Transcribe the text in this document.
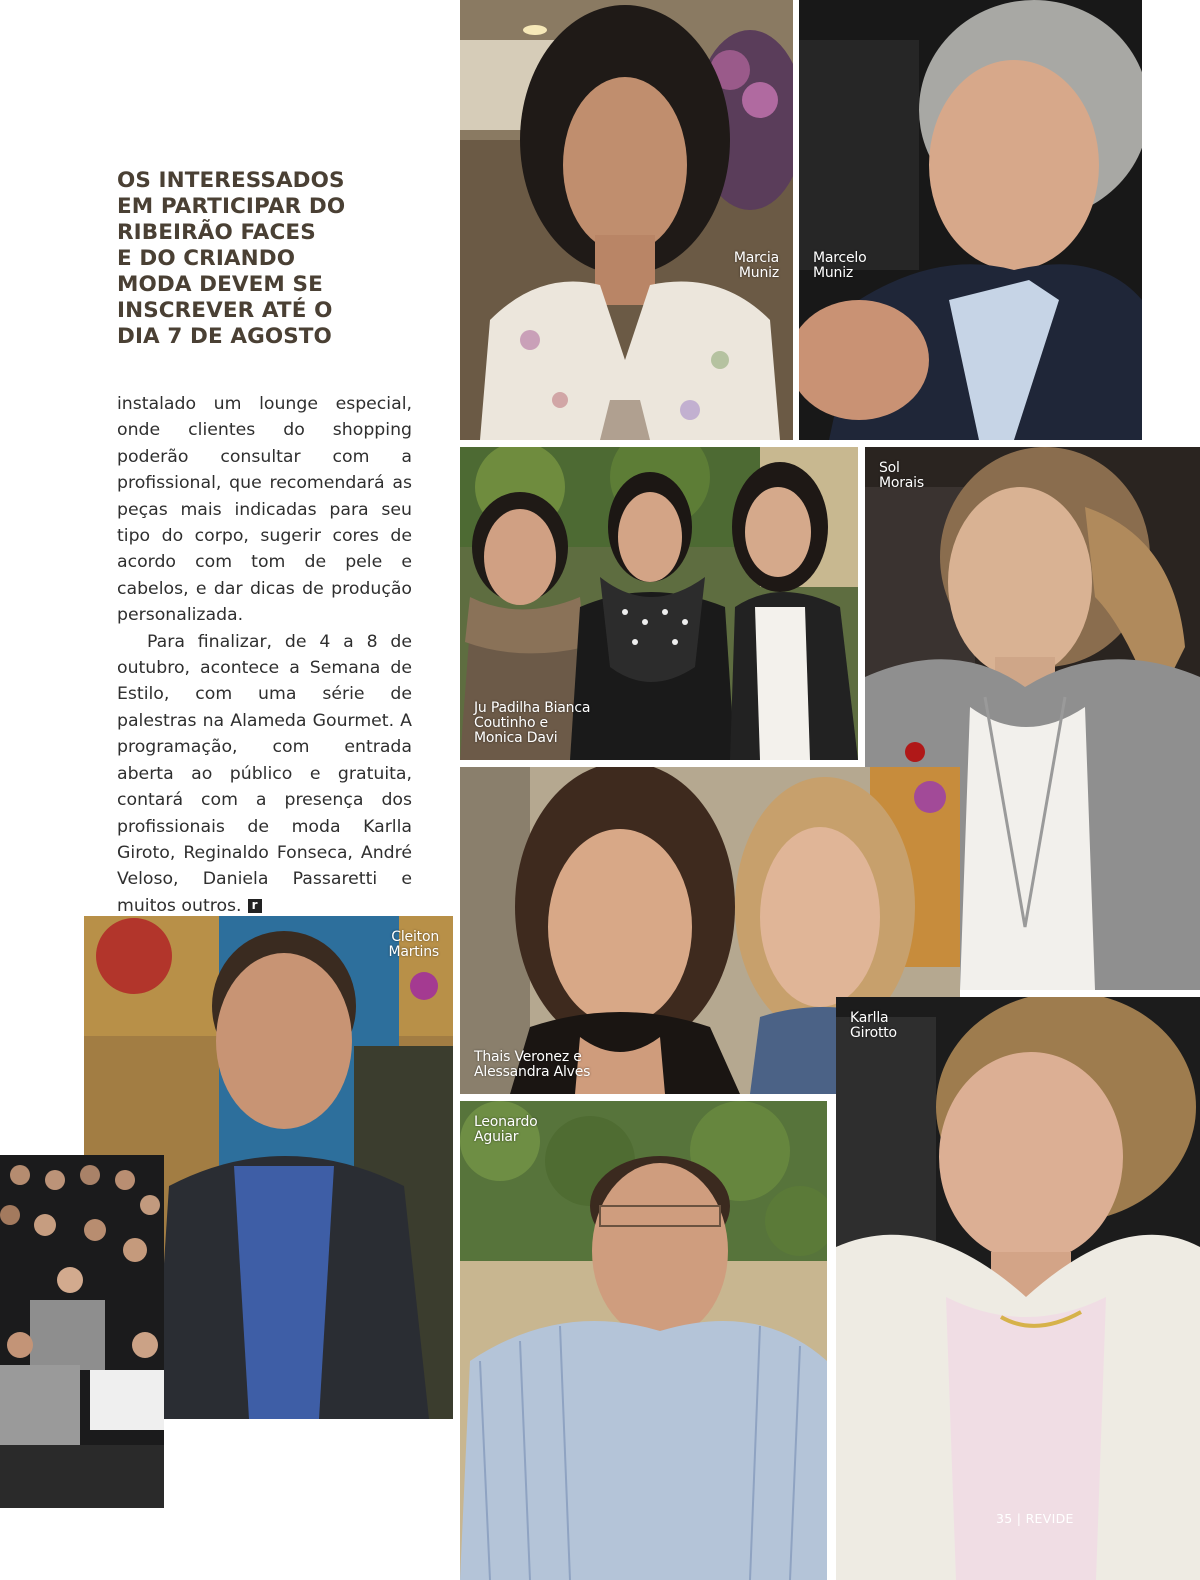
OS INTERESSADOS
EM PARTICIPAR DO
RIBEIRÃO FACES
E DO CRIANDO
MODA DEVEM SE
INSCREVER ATÉ O
DIA 7 DE AGOSTO

instalado um lounge especial, onde clientes do shopping poderão consultar com a profissional, que recomendará as peças mais indicadas para seu tipo do corpo, sugerir cores de acordo com tom de pele e cabelos, e dar dicas de produção personalizada.

Para finalizar, de 4 a 8 de outubro, acontece a Semana de Estilo, com uma série de palestras na Alameda Gourmet. A programação, com entrada aberta ao público e gratuita, contará com a presença dos profissionais de moda Karlla Giroto, Reginaldo Fonseca, André Veloso, Daniela Passaretti e muitos outros. r

Marcia
Muniz
Marcelo
Muniz
Ju Padilha Bianca
Coutinho e
Monica Davi
Sol
Morais
Thais Veronez e
Alessandra Alves
Cleiton
Martins
Leonardo
Aguiar
Karlla
Girotto
35 | REVIDE
